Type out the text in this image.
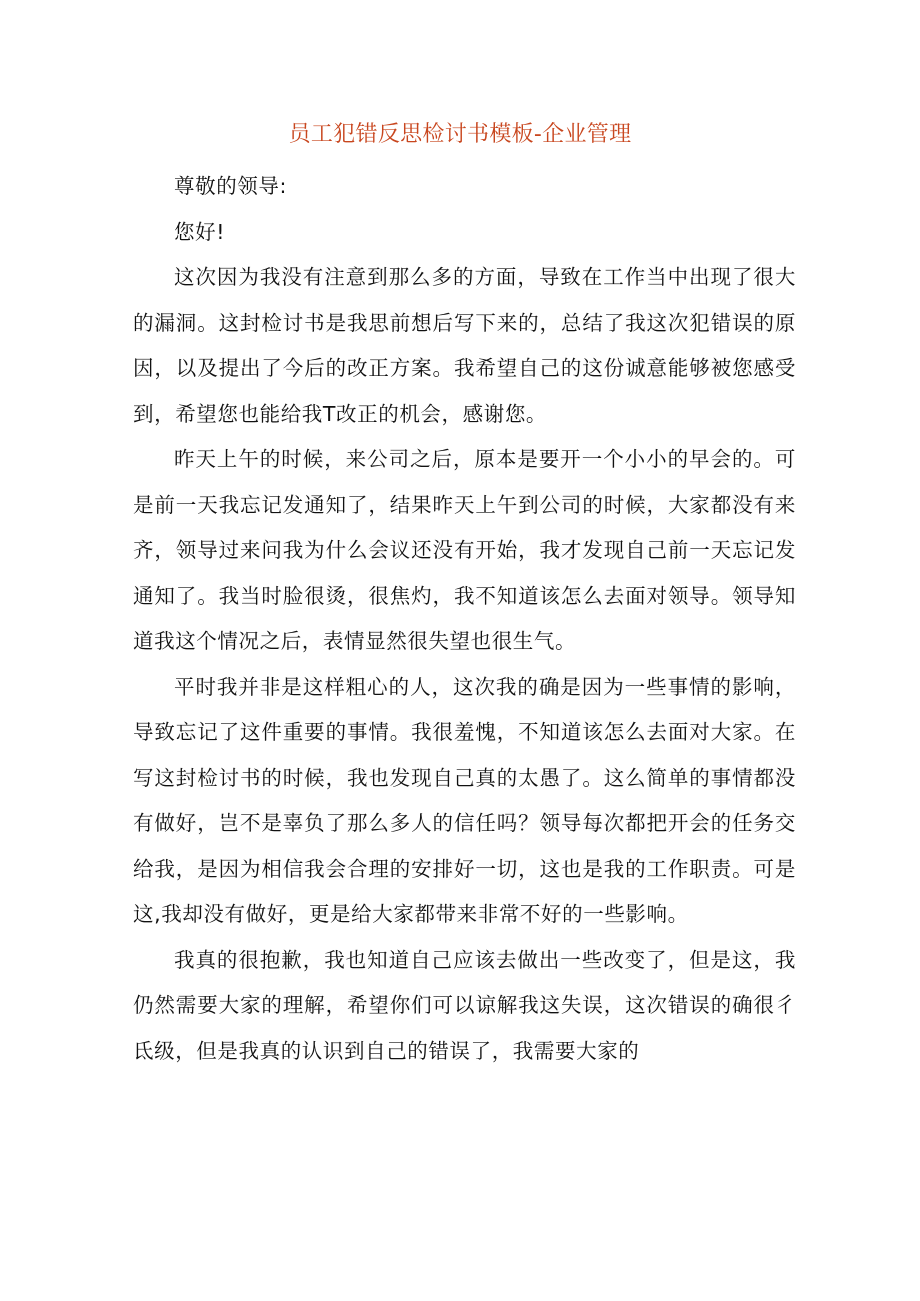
员工犯错反思检讨书模板-企业管理

尊敬的领导:

您好!

这次因为我没有注意到那么多的方面，导致在工作当中出现了很大的漏洞。这封检讨书是我思前想后写下来的，总结了我这次犯错误的原因，以及提出了今后的改正方案。我希望自己的这份诚意能够被您感受到，希望您也能给我T改正的机会，感谢您。

昨天上午的时候，来公司之后，原本是要开一个小小的早会的。可是前一天我忘记发通知了，结果昨天上午到公司的时候，大家都没有来齐，领导过来问我为什么会议还没有开始，我才发现自己前一天忘记发通知了。我当时脸很烫，很焦灼，我不知道该怎么去面对领导。领导知道我这个情况之后，表情显然很失望也很生气。

平时我并非是这样粗心的人，这次我的确是因为一些事情的影响，导致忘记了这件重要的事情。我很羞愧，不知道该怎么去面对大家。在写这封检讨书的时候，我也发现自己真的太愚了。这么简单的事情都没有做好，岂不是辜负了那么多人的信任吗？领导每次都把开会的任务交给我，是因为相信我会合理的安排好一切，这也是我的工作职责。可是这,我却没有做好，更是给大家都带来非常不好的一些影响。

我真的很抱歉，我也知道自己应该去做出一些改变了，但是这，我仍然需要大家的理解，希望你们可以谅解我这失误，这次错误的确很彳氐级，但是我真的认识到自己的错误了，我需要大家的
